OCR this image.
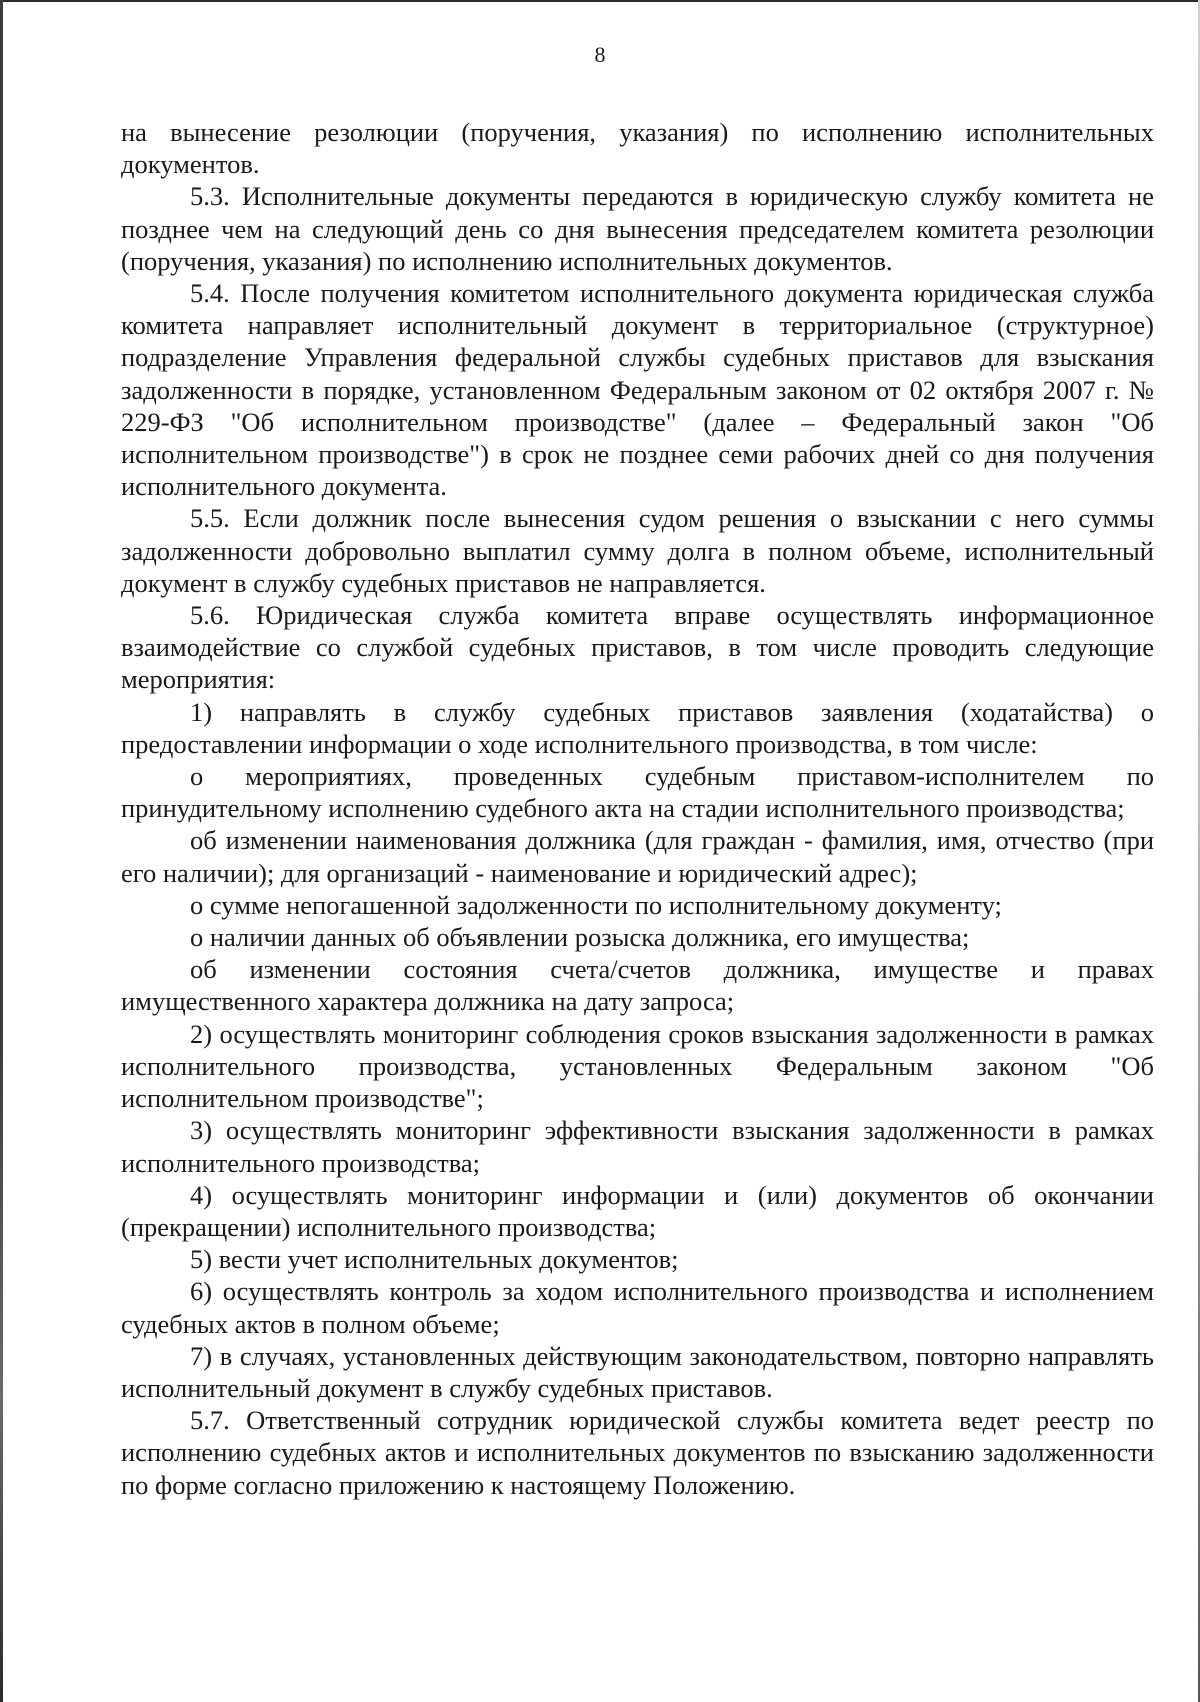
8

на вынесение резолюции (поручения, указания) по исполнению исполнительных документов.

5.3. Исполнительные документы передаются в юридическую службу комитета не позднее чем на следующий день со дня вынесения председателем комитета резолюции (поручения, указания) по исполнению исполнительных документов.

5.4. После получения комитетом исполнительного документа юридическая служба комитета направляет исполнительный документ в территориальное (структурное) подразделение Управления федеральной службы судебных приставов для взыскания задолженности в порядке, установленном Федеральным законом от 02 октября 2007 г. № 229-ФЗ "Об исполнительном производстве" (далее – Федеральный закон "Об исполнительном производстве") в срок не позднее семи рабочих дней со дня получения исполнительного документа.

5.5. Если должник после вынесения судом решения о взыскании с него суммы задолженности добровольно выплатил сумму долга в полном объеме, исполнительный документ в службу судебных приставов не направляется.

5.6. Юридическая служба комитета вправе осуществлять информационное взаимодействие со службой судебных приставов, в том числе проводить следующие мероприятия:

1) направлять в службу судебных приставов заявления (ходатайства) о предоставлении информации о ходе исполнительного производства, в том числе:

о мероприятиях, проведенных судебным приставом-исполнителем по принудительному исполнению судебного акта на стадии исполнительного производства;

об изменении наименования должника (для граждан - фамилия, имя, отчество (при его наличии); для организаций - наименование и юридический адрес);

о сумме непогашенной задолженности по исполнительному документу;

о наличии данных об объявлении розыска должника, его имущества;

об изменении состояния счета/счетов должника, имуществе и правах имущественного характера должника на дату запроса;

2) осуществлять мониторинг соблюдения сроков взыскания задолженности в рамках исполнительного производства, установленных Федеральным законом "Об исполнительном производстве";

3) осуществлять мониторинг эффективности взыскания задолженности в рамках исполнительного производства;

4) осуществлять мониторинг информации и (или) документов об окончании (прекращении) исполнительного производства;

5) вести учет исполнительных документов;

6) осуществлять контроль за ходом исполнительного производства и исполнением судебных актов в полном объеме;

7) в случаях, установленных действующим законодательством, повторно направлять исполнительный документ в службу судебных приставов.

5.7. Ответственный сотрудник юридической службы комитета ведет реестр по исполнению судебных актов и исполнительных документов по взысканию задолженности по форме согласно приложению к настоящему Положению.
